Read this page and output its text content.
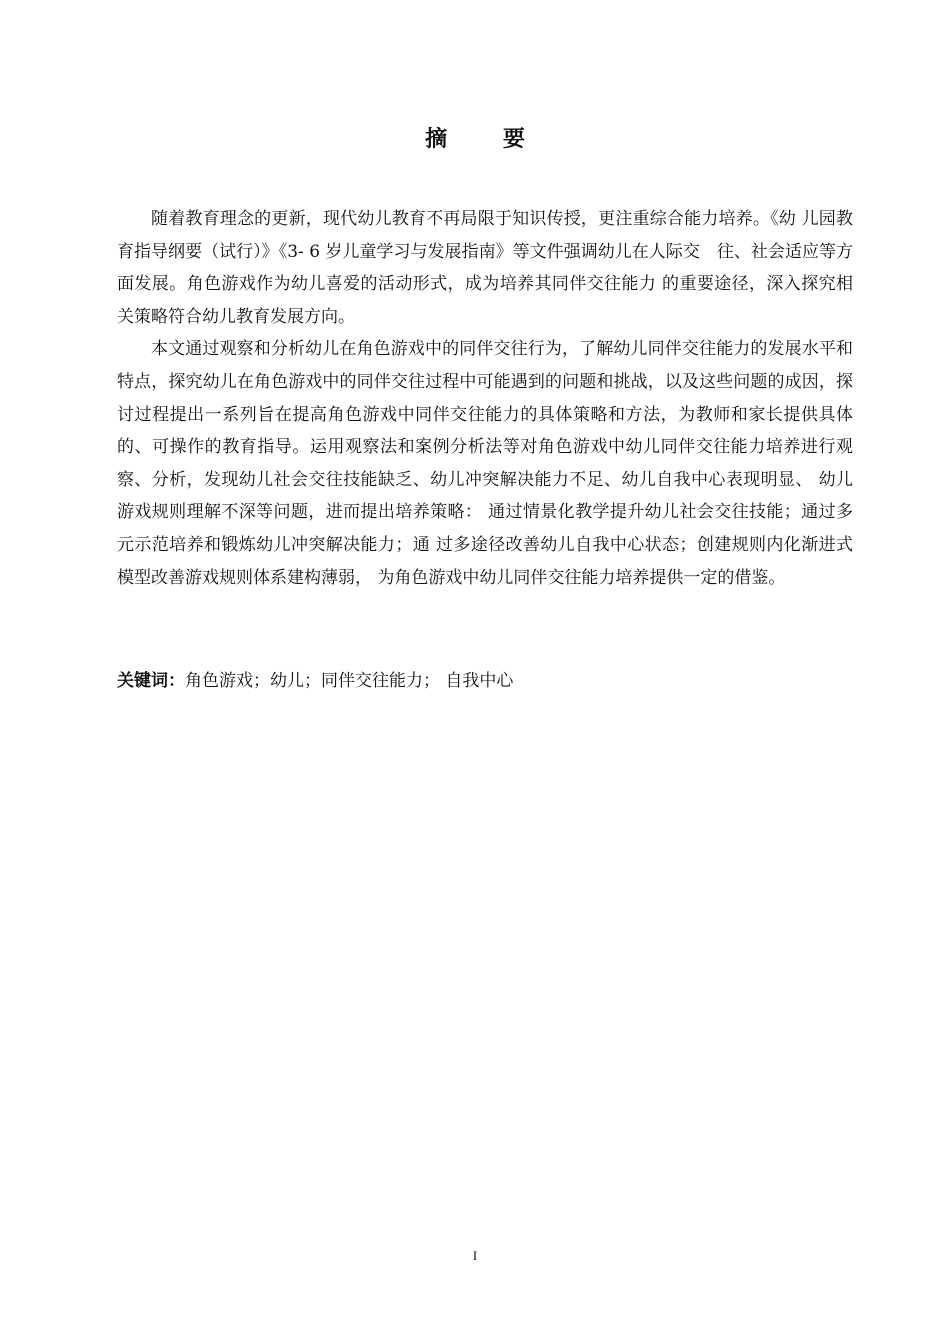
摘 要

随着教育理念的更新，现代幼儿教育不再局限于知识传授，更注重综合能力培养。《幼 儿园教育指导纲要（试行）》《3- 6 岁儿童学习与发展指南》等文件强调幼儿在人际交　往、社会适应等方面发展。角色游戏作为幼儿喜爱的活动形式，成为培养其同伴交往能力 的重要途径，深入探究相关策略符合幼儿教育发展方向。

本文通过观察和分析幼儿在角色游戏中的同伴交往行为，了解幼儿同伴交往能力的发展水平和特点，探究幼儿在角色游戏中的同伴交往过程中可能遇到的问题和挑战，以及这些问题的成因，探讨过程提出一系列旨在提高角色游戏中同伴交往能力的具体策略和方法，为教师和家长提供具体的、可操作的教育指导。运用观察法和案例分析法等对角色游戏中幼儿同伴交往能力培养进行观察、分析，发现幼儿社会交往技能缺乏、幼儿冲突解决能力不足、幼儿自我中心表现明显、 幼儿游戏规则理解不深等问题，进而提出培养策略： 通过情景化教学提升幼儿社会交往技能；通过多元示范培养和锻炼幼儿冲突解决能力；通 过多途径改善幼儿自我中心状态；创建规则内化渐进式模型改善游戏规则体系建构薄弱， 为角色游戏中幼儿同伴交往能力培养提供一定的借鉴。

关键词：角色游戏；幼儿；同伴交往能力； 自我中心
I
